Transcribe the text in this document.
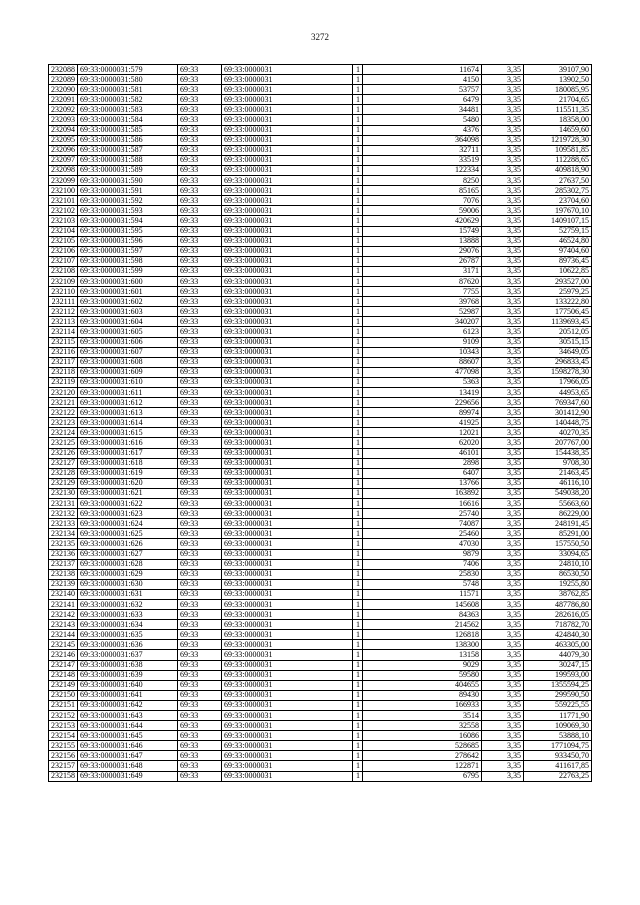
3272
232088	69:33:0000031:579	69:33	69:33:0000031	1	11674	3,35	39107,90
232089	69:33:0000031:580	69:33	69:33:0000031	1	4150	3,35	13902,50
232090	69:33:0000031:581	69:33	69:33:0000031	1	53757	3,35	180085,95
232091	69:33:0000031:582	69:33	69:33:0000031	1	6479	3,35	21704,65
232092	69:33:0000031:583	69:33	69:33:0000031	1	34481	3,35	115511,35
232093	69:33:0000031:584	69:33	69:33:0000031	1	5480	3,35	18358,00
232094	69:33:0000031:585	69:33	69:33:0000031	1	4376	3,35	14659,60
232095	69:33:0000031:586	69:33	69:33:0000031	1	364098	3,35	1219728,30
232096	69:33:0000031:587	69:33	69:33:0000031	1	32711	3,35	109581,85
232097	69:33:0000031:588	69:33	69:33:0000031	1	33519	3,35	112288,65
232098	69:33:0000031:589	69:33	69:33:0000031	1	122334	3,35	409818,90
232099	69:33:0000031:590	69:33	69:33:0000031	1	8250	3,35	27637,50
232100	69:33:0000031:591	69:33	69:33:0000031	1	85165	3,35	285302,75
232101	69:33:0000031:592	69:33	69:33:0000031	1	7076	3,35	23704,60
232102	69:33:0000031:593	69:33	69:33:0000031	1	59006	3,35	197670,10
232103	69:33:0000031:594	69:33	69:33:0000031	1	420629	3,35	1409107,15
232104	69:33:0000031:595	69:33	69:33:0000031	1	15749	3,35	52759,15
232105	69:33:0000031:596	69:33	69:33:0000031	1	13888	3,35	46524,80
232106	69:33:0000031:597	69:33	69:33:0000031	1	29076	3,35	97404,60
232107	69:33:0000031:598	69:33	69:33:0000031	1	26787	3,35	89736,45
232108	69:33:0000031:599	69:33	69:33:0000031	1	3171	3,35	10622,85
232109	69:33:0000031:600	69:33	69:33:0000031	1	87620	3,35	293527,00
232110	69:33:0000031:601	69:33	69:33:0000031	1	7755	3,35	25979,25
232111	69:33:0000031:602	69:33	69:33:0000031	1	39768	3,35	133222,80
232112	69:33:0000031:603	69:33	69:33:0000031	1	52987	3,35	177506,45
232113	69:33:0000031:604	69:33	69:33:0000031	1	340207	3,35	1139693,45
232114	69:33:0000031:605	69:33	69:33:0000031	1	6123	3,35	20512,05
232115	69:33:0000031:606	69:33	69:33:0000031	1	9109	3,35	30515,15
232116	69:33:0000031:607	69:33	69:33:0000031	1	10343	3,35	34649,05
232117	69:33:0000031:608	69:33	69:33:0000031	1	88607	3,35	296833,45
232118	69:33:0000031:609	69:33	69:33:0000031	1	477098	3,35	1598278,30
232119	69:33:0000031:610	69:33	69:33:0000031	1	5363	3,35	17966,05
232120	69:33:0000031:611	69:33	69:33:0000031	1	13419	3,35	44953,65
232121	69:33:0000031:612	69:33	69:33:0000031	1	229656	3,35	769347,60
232122	69:33:0000031:613	69:33	69:33:0000031	1	89974	3,35	301412,90
232123	69:33:0000031:614	69:33	69:33:0000031	1	41925	3,35	140448,75
232124	69:33:0000031:615	69:33	69:33:0000031	1	12021	3,35	40270,35
232125	69:33:0000031:616	69:33	69:33:0000031	1	62020	3,35	207767,00
232126	69:33:0000031:617	69:33	69:33:0000031	1	46101	3,35	154438,35
232127	69:33:0000031:618	69:33	69:33:0000031	1	2898	3,35	9708,30
232128	69:33:0000031:619	69:33	69:33:0000031	1	6407	3,35	21463,45
232129	69:33:0000031:620	69:33	69:33:0000031	1	13766	3,35	46116,10
232130	69:33:0000031:621	69:33	69:33:0000031	1	163892	3,35	549038,20
232131	69:33:0000031:622	69:33	69:33:0000031	1	16616	3,35	55663,60
232132	69:33:0000031:623	69:33	69:33:0000031	1	25740	3,35	86229,00
232133	69:33:0000031:624	69:33	69:33:0000031	1	74087	3,35	248191,45
232134	69:33:0000031:625	69:33	69:33:0000031	1	25460	3,35	85291,00
232135	69:33:0000031:626	69:33	69:33:0000031	1	47030	3,35	157550,50
232136	69:33:0000031:627	69:33	69:33:0000031	1	9879	3,35	33094,65
232137	69:33:0000031:628	69:33	69:33:0000031	1	7406	3,35	24810,10
232138	69:33:0000031:629	69:33	69:33:0000031	1	25830	3,35	86530,50
232139	69:33:0000031:630	69:33	69:33:0000031	1	5748	3,35	19255,80
232140	69:33:0000031:631	69:33	69:33:0000031	1	11571	3,35	38762,85
232141	69:33:0000031:632	69:33	69:33:0000031	1	145608	3,35	487786,80
232142	69:33:0000031:633	69:33	69:33:0000031	1	84363	3,35	282616,05
232143	69:33:0000031:634	69:33	69:33:0000031	1	214562	3,35	718782,70
232144	69:33:0000031:635	69:33	69:33:0000031	1	126818	3,35	424840,30
232145	69:33:0000031:636	69:33	69:33:0000031	1	138300	3,35	463305,00
232146	69:33:0000031:637	69:33	69:33:0000031	1	13158	3,35	44079,30
232147	69:33:0000031:638	69:33	69:33:0000031	1	9029	3,35	30247,15
232148	69:33:0000031:639	69:33	69:33:0000031	1	59580	3,35	199593,00
232149	69:33:0000031:640	69:33	69:33:0000031	1	404655	3,35	1355594,25
232150	69:33:0000031:641	69:33	69:33:0000031	1	89430	3,35	299590,50
232151	69:33:0000031:642	69:33	69:33:0000031	1	166933	3,35	559225,55
232152	69:33:0000031:643	69:33	69:33:0000031	1	3514	3,35	11771,90
232153	69:33:0000031:644	69:33	69:33:0000031	1	32558	3,35	109069,30
232154	69:33:0000031:645	69:33	69:33:0000031	1	16086	3,35	53888,10
232155	69:33:0000031:646	69:33	69:33:0000031	1	528685	3,35	1771094,75
232156	69:33:0000031:647	69:33	69:33:0000031	1	278642	3,35	933450,70
232157	69:33:0000031:648	69:33	69:33:0000031	1	122871	3,35	411617,85
232158	69:33:0000031:649	69:33	69:33:0000031	1	6795	3,35	22763,25
